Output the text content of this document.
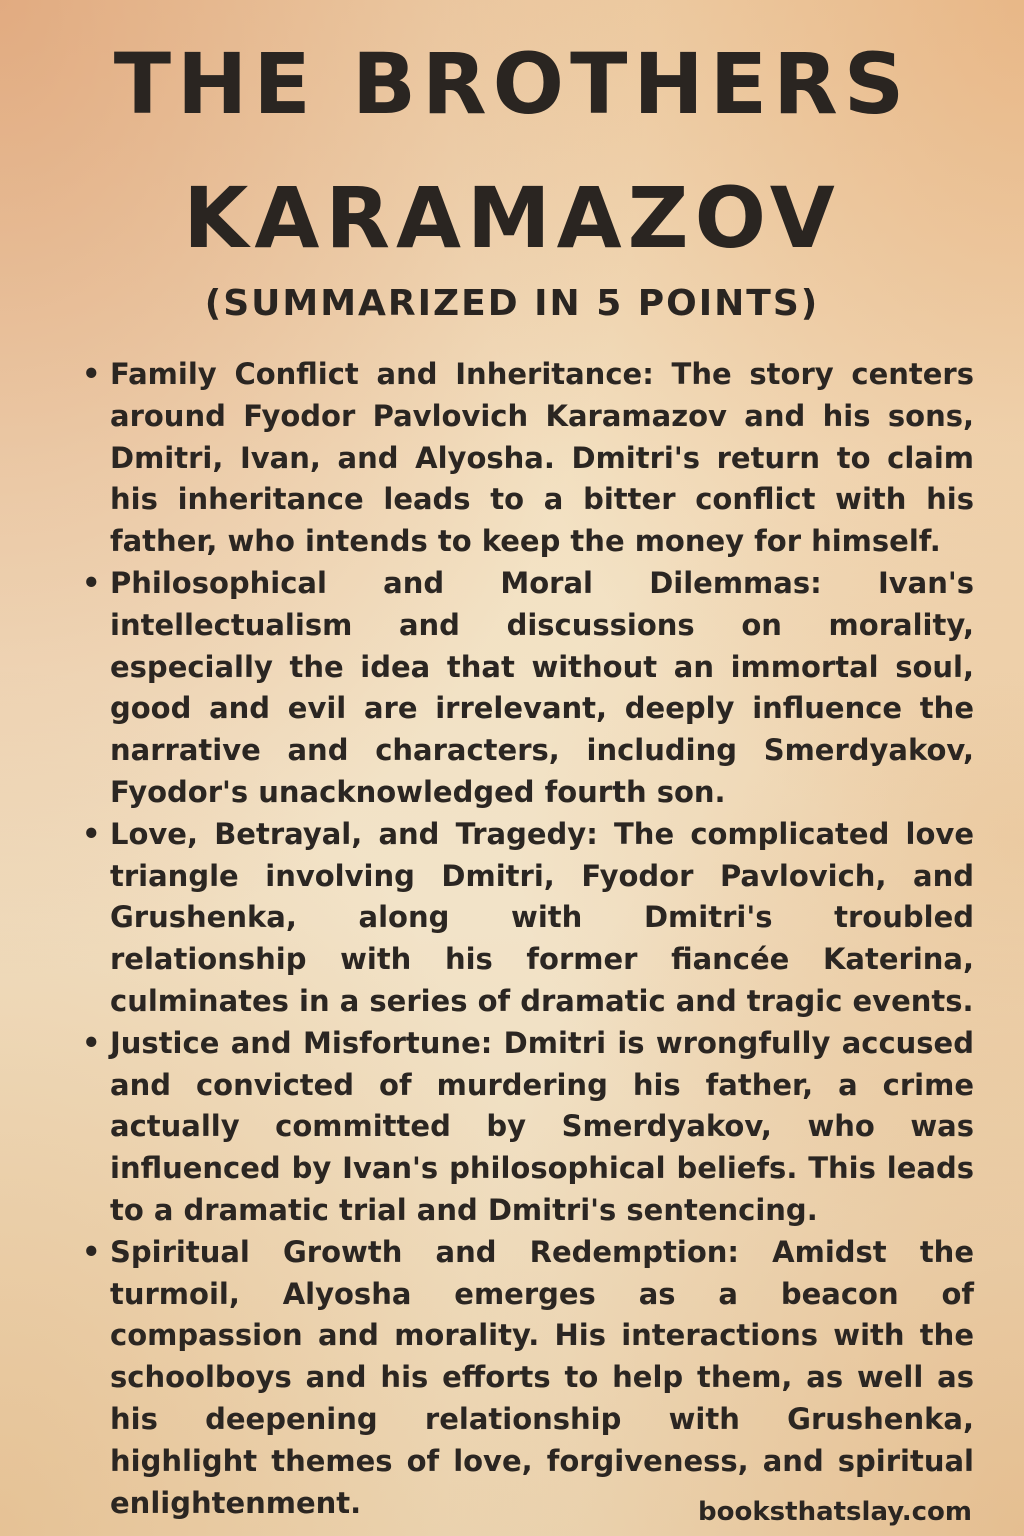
THE BROTHERS
KARAMAZOV
(SUMMARIZED IN 5 POINTS)
• Family Conflict and Inheritance: The story centers around Fyodor Pavlovich Karamazov and his sons, Dmitri, Ivan, and Alyosha. Dmitri's return to claim his inheritance leads to a bitter conflict with his father, who intends to keep the money for himself.
• Philosophical and Moral Dilemmas: Ivan's intellectualism and discussions on morality, especially the idea that without an immortal soul, good and evil are irrelevant, deeply influence the narrative and characters, including Smerdyakov, Fyodor's unacknowledged fourth son.
• Love, Betrayal, and Tragedy: The complicated love triangle involving Dmitri, Fyodor Pavlovich, and Grushenka, along with Dmitri's troubled relationship with his former fiancée Katerina, culminates in a series of dramatic and tragic events.
• Justice and Misfortune: Dmitri is wrongfully accused and convicted of murdering his father, a crime actually committed by Smerdyakov, who was influenced by Ivan's philosophical beliefs. This leads to a dramatic trial and Dmitri's sentencing.
• Spiritual Growth and Redemption: Amidst the turmoil, Alyosha emerges as a beacon of compassion and morality. His interactions with the schoolboys and his efforts to help them, as well as his deepening relationship with Grushenka, highlight themes of love, forgiveness, and spiritual enlightenment.	booksthatslay.com
